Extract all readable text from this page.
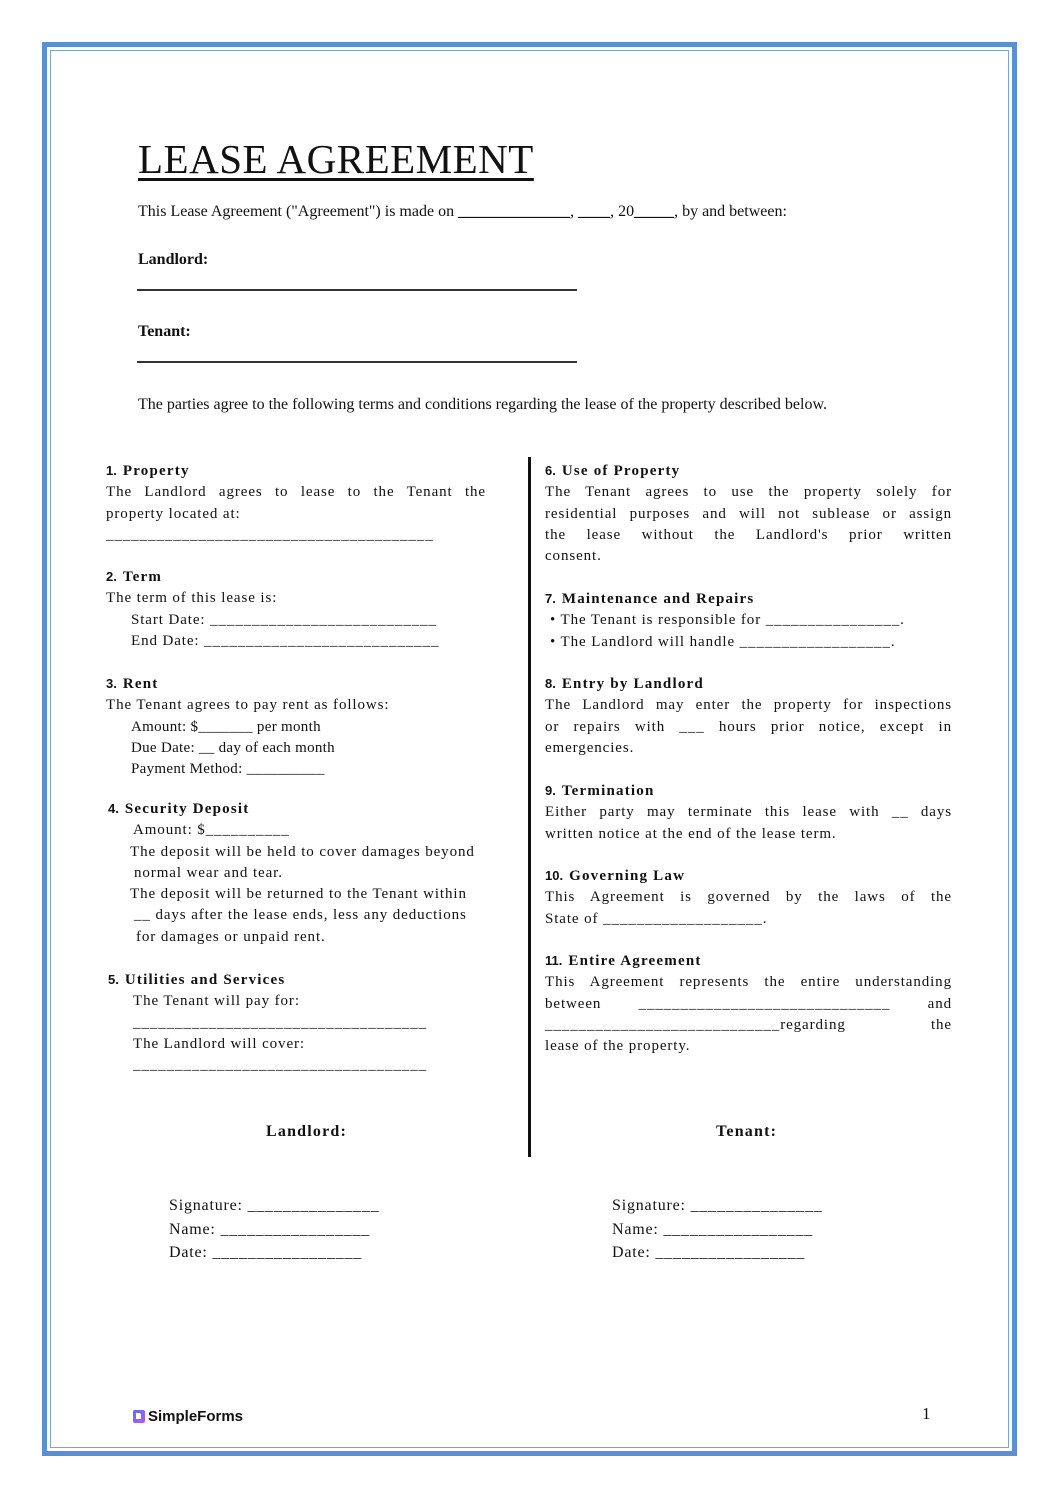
LEASE AGREEMENT
This Lease Agreement ("Agreement") is made on ______________, ____, 20_____, by and between:
Landlord:
Tenant:
The parties agree to the following terms and conditions regarding the lease of the property described below.
1. Property
The Landlord agrees to lease to the Tenant the
property located at:
_______________________________________
2. Term
The term of this lease is:
Start Date: ___________________________
End Date: ____________________________
3. Rent
The Tenant agrees to pay rent as follows:
Amount: $_______ per month
Due Date: __ day of each month
Payment Method: __________
4. Security Deposit
Amount: $__________
The deposit will be held to cover damages beyond
normal wear and tear.
The deposit will be returned to the Tenant within
__ days after the lease ends, less any deductions
for damages or unpaid rent.
5. Utilities and Services
The Tenant will pay for:
___________________________________
The Landlord will cover:
___________________________________
6. Use of Property
The Tenant agrees to use the property solely for
residential purposes and will not sublease or assign
the lease without the Landlord's prior written
consent.
7. Maintenance and Repairs
• The Tenant is responsible for ________________.
• The Landlord will handle __________________.
8. Entry by Landlord
The Landlord may enter the property for inspections
or repairs with ___ hours prior notice, except in
emergencies.
9. Termination
Either party may terminate this lease with __ days
written notice at the end of the lease term.
10. Governing Law
This Agreement is governed by the laws of the
State of ___________________.
11. Entire Agreement
This Agreement represents the entire understanding
between ______________________________ and
____________________________regarding the
lease of the property.
Landlord:	Tenant:
Signature: _______________
Name: _________________
Date: _________________
Signature: _______________
Name: _________________
Date: _________________
SimpleForms	1
